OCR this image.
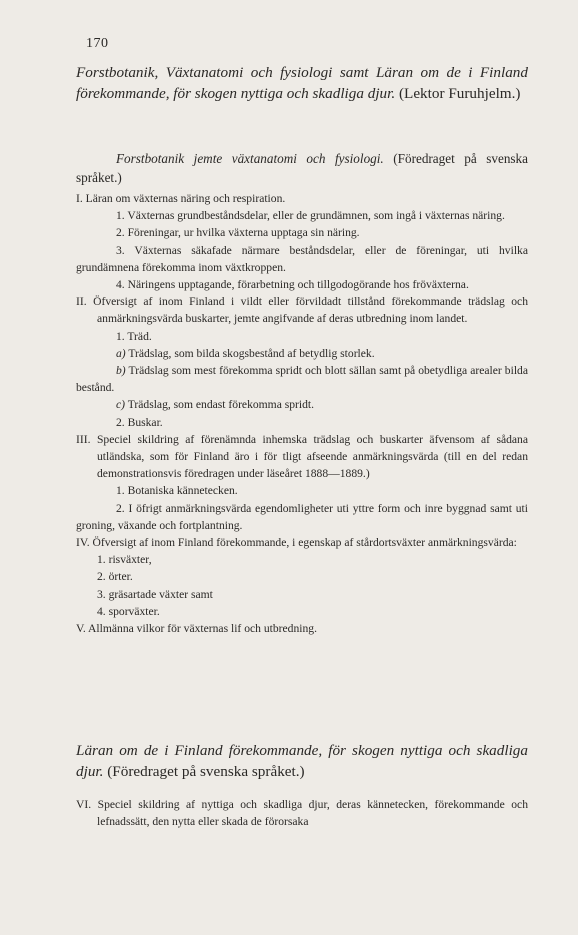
170
Forstbotanik, Växtanatomi och fysiologi samt Läran om de i Finland förekommande, för skogen nyttiga och skadliga djur. (Lektor Furuhjelm.)
Forstbotanik jemte växtanatomi och fysiologi. (Föredraget på svenska språket.)
I. Läran om växternas näring och respiration.
1. Växternas grundbeståndsdelar, eller de grundämnen, som ingå i växternas näring.
2. Föreningar, ur hvilka växterna upptaga sin näring.
3. Växternas säkafade närmare beståndsdelar, eller de föreningar, uti hvilka grundämnena förekomma inom växtkroppen.
4. Näringens upptagande, förarbetning och tillgodogörande hos fröväxterna.
II. Öfversigt af inom Finland i vildt eller förvildadt tillstånd förekommande trädslag och anmärkningsvärda buskarter, jemte angifvande af deras utbredning inom landet.
1. Träd.
a) Trädslag, som bilda skogsbestånd af betydlig storlek.
b) Trädslag som mest förekomma spridt och blott sällan samt på obetydliga arealer bilda bestånd.
c) Trädslag, som endast förekomma spridt.
2. Buskar.
III. Speciel skildring af förenämnda inhemska trädslag och buskarter äfvensom af sådana utländska, som för Finland äro i för tligt afseende anmärkningsvärda (till en del redan demonstrationsvis föredragen under läseåret 1888—1889.)
1. Botaniska kännetecken.
2. I öfrigt anmärkningsvärda egendomligheter uti yttre form och inre byggnad samt uti groning, växande och fortplantning.
IV. Öfversigt af inom Finland förekommande, i egenskap af stårdortsväxter anmärkningsvärda:
1. risväxter,
2. örter.
3. gräsartade växter samt
4. sporväxter.
V. Allmänna vilkor för växternas lif och utbredning.
Läran om de i Finland förekommande, för skogen nyttiga och skadliga djur. (Föredraget på svenska språket.)
VI. Speciel skildring af nyttiga och skadliga djur, deras kännetecken, förekommande och lefnadssätt, den nytta eller skada de förorsaka
